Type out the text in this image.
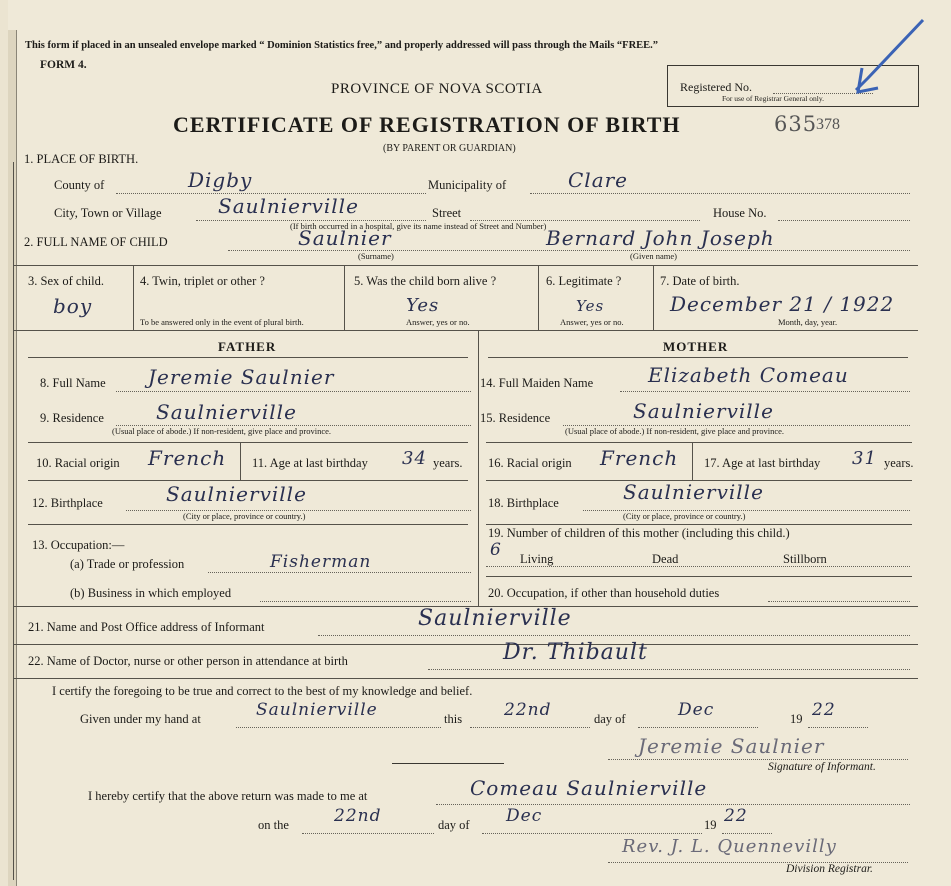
This form if placed in an unsealed envelope marked “ Dominion Statistics free,” and properly addressed will pass through the Mails “FREE.”
FORM 4.
PROVINCE OF NOVA SCOTIA
CERTIFICATE OF REGISTRATION OF BIRTH
(BY PARENT OR GUARDIAN)
635
378
Registered No.
For use of Registrar General only.
1. PLACE OF BIRTH.
County of	Digby	Municipality of	Clare
City, Town or Village	Saulnierville	Street	House No.
(If birth occurred in a hospital, give its name instead of Street and Number)
2. FULL NAME OF CHILD	Saulnier
(Surname)
Bernard John Joseph
(Given name)
3. Sex of child.
boy
4. Twin, triplet or other ?
To be answered only in the event of plural birth.
5. Was the child born alive ?
Yes
Answer, yes or no.
6. Legitimate ?
Yes
Answer, yes or no.
7. Date of birth.
December 21 / 1922
Month, day, year.
FATHER	MOTHER
8. Full Name Jeremie Saulnier
9. Residence	Saulnierville
(Usual place of abode.) If non-resident, give place and province.
10. Racial origin French 11. Age at last birthday 34 years.
12. Birthplace	Saulnierville
(City or place, province or country.)
13. Occupation:—
(a) Trade or profession	Fisherman
(b) Business in which employed
14. Full Maiden Name	Elizabeth Comeau
15. Residence	Saulnierville
(Usual place of abode.) If non-resident, give place and province.
16. Racial origin French 17. Age at last birthday 31 years.
18. Birthplace	Saulnierville
(City or place, province or country.)
19. Number of children of this mother (including this child.)
6 Living	Dead	Stillborn
20. Occupation, if other than household duties
21. Name and Post Office address of Informant	Saulnierville
22. Name of Doctor, nurse or other person in attendance at birth	Dr. Thibault
I certify the foregoing to be true and correct to the best of my knowledge and belief.
Given under my hand at	Saulnierville	this 22nd	day of	Dec	19 22
Jeremie Saulnier
Signature of Informant.
I hereby certify that the above return was made to me at	Comeau Saulnierville
on the	22nd	day of Dec	19 22
Rev. J. L. Quennevilly
Division Registrar.
